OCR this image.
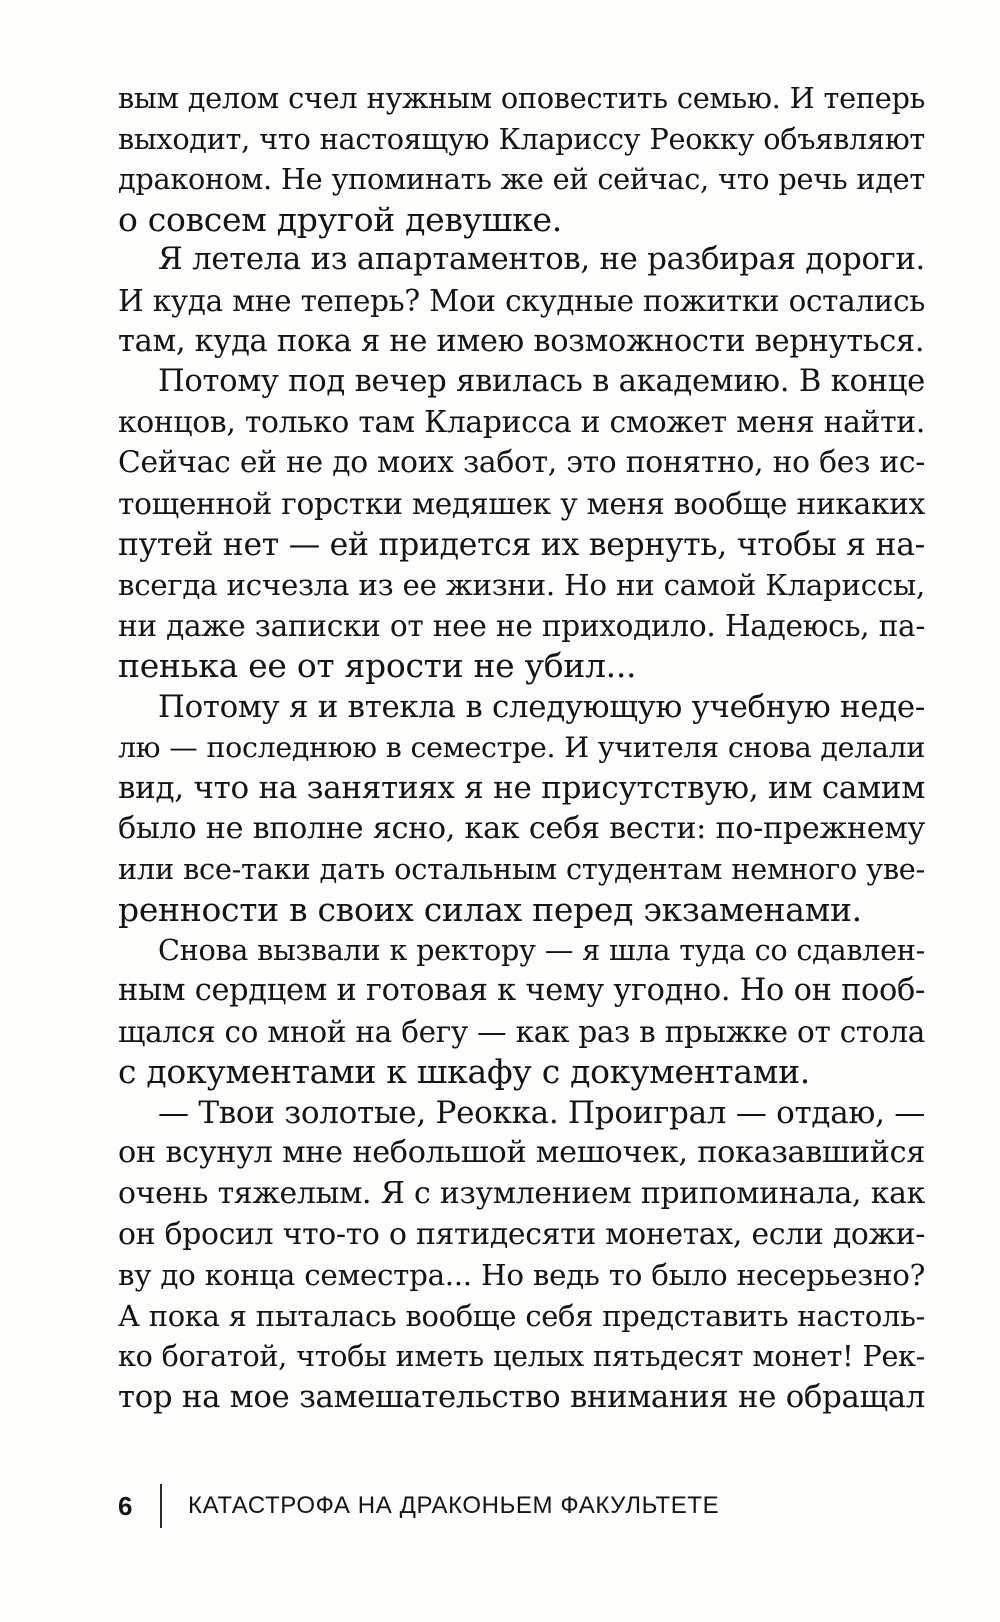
вым делом счел нужным оповестить семью. И теперь
выходит, что настоящую Клариссу Реокку объявляют
драконом. Не упоминать же ей сейчас, что речь идет
о совсем другой девушке.
Я летела из апартаментов, не разбирая дороги.
И куда мне теперь? Мои скудные пожитки остались
там, куда пока я не имею возможности вернуться.
Потому под вечер явилась в академию. В конце
концов, только там Кларисса и сможет меня найти.
Сейчас ей не до моих забот, это понятно, но без ис-
тощенной горстки медяшек у меня вообще никаких
путей нет — ей придется их вернуть, чтобы я на-
всегда исчезла из ее жизни. Но ни самой Клариссы,
ни даже записки от нее не приходило. Надеюсь, па-
пенька ее от ярости не убил...
Потому я и втекла в следующую учебную неде-
лю — последнюю в семестре. И учителя снова делали
вид, что на занятиях я не присутствую, им самим
было не вполне ясно, как себя вести: по-прежнему
или все-таки дать остальным студентам немного уве-
ренности в своих силах перед экзаменами.
Снова вызвали к ректору — я шла туда со сдавлен-
ным сердцем и готовая к чему угодно. Но он пооб-
щался со мной на бегу — как раз в прыжке от стола
с документами к шкафу с документами.
— Твои золотые, Реокка. Проиграл — отдаю, —
он всунул мне небольшой мешочек, показавшийся
очень тяжелым. Я с изумлением припоминала, как
он бросил что-то о пятидесяти монетах, если дожи-
ву до конца семестра... Но ведь то было несерьезно?
А пока я пыталась вообще себя представить настоль-
ко богатой, чтобы иметь целых пятьдесят монет! Рек-
тор на мое замешательство внимания не обращал
6	КАТАСТРОФА НА ДРАКОНЬЕМ ФАКУЛЬТЕТЕ
